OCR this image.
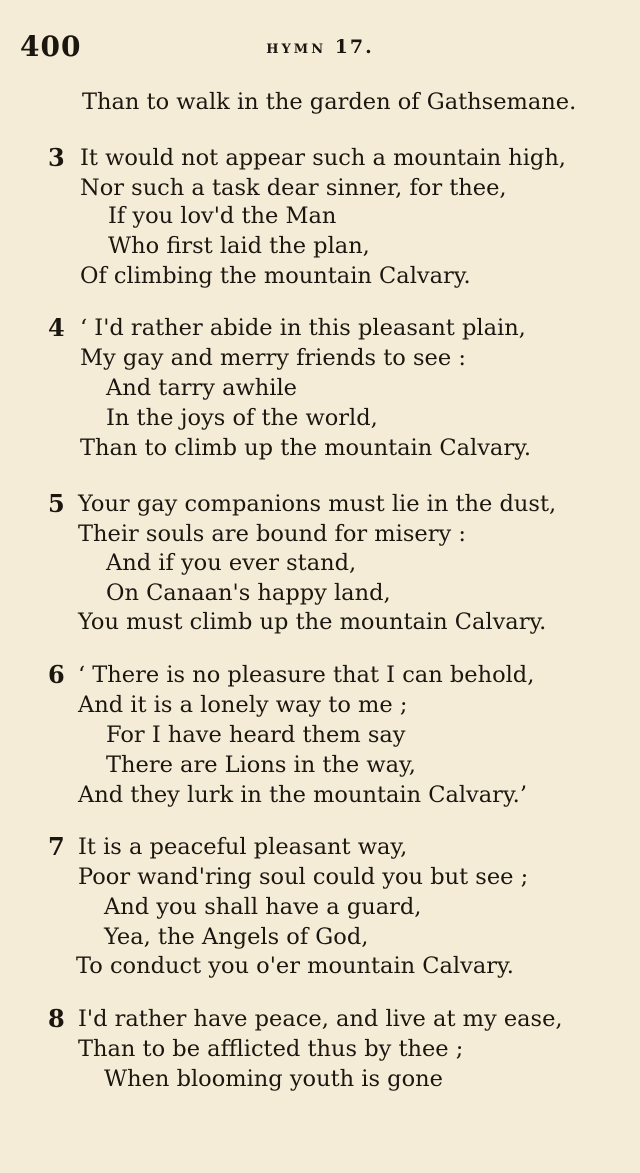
400	HYMN 17.
Than to walk in the garden of Gathsemane.
3 It would not appear such a mountain high,
Nor such a task dear sinner, for thee,
If you lov'd the Man
Who first laid the plan,
Of climbing the mountain Calvary.
4 ‘ I'd rather abide in this pleasant plain,
My gay and merry friends to see :
And tarry awhile
In the joys of the world,
Than to climb up the mountain Calvary.
5 Your gay companions must lie in the dust,
Their souls are bound for misery :
And if you ever stand,
On Canaan's happy land,
You must climb up the mountain Calvary.
6 ‘ There is no pleasure that I can behold,
And it is a lonely way to me ;
For I have heard them say
There are Lions in the way,
And they lurk in the mountain Calvary.’
7 It is a peaceful pleasant way,
Poor wand'ring soul could you but see ;
And you shall have a guard,
Yea, the Angels of God,
To conduct you o'er mountain Calvary.
8 I'd rather have peace, and live at my ease,
Than to be afflicted thus by thee ;
When blooming youth is gone
